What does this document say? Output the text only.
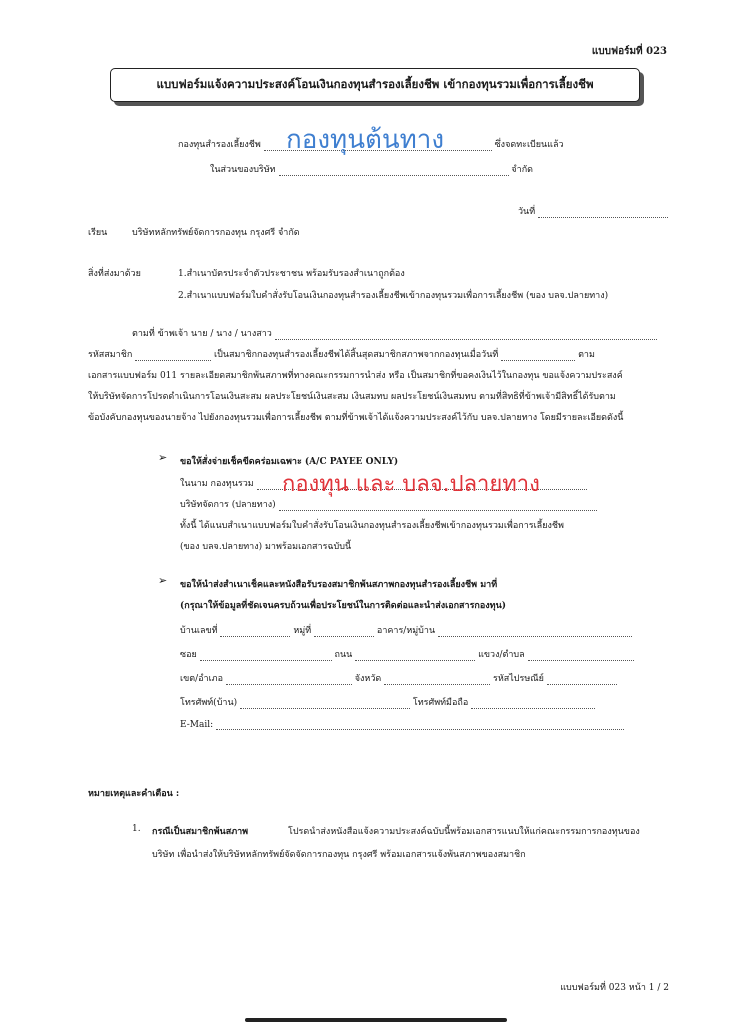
แบบฟอร์มที่ 023
แบบฟอร์มแจ้งความประสงค์โอนเงินกองทุนสำรองเลี้ยงชีพ เข้ากองทุนรวมเพื่อการเลี้ยงชีพ
กองทุนสำรองเลี้ยงชีพ	ซึ่งจดทะเบียนแล้ว
กองทุนต้นทาง
ในส่วนของบริษัท	จำกัด
วันที่
เรียน	บริษัทหลักทรัพย์จัดการกองทุน กรุงศรี จำกัด
สิ่งที่ส่งมาด้วย	1.สำเนาบัตรประจำตัวประชาชน พร้อมรับรองสำเนาถูกต้อง
2.สำเนาแบบฟอร์มใบคำสั่งรับโอนเงินกองทุนสำรองเลี้ยงชีพเข้ากองทุนรวมเพื่อการเลี้ยงชีพ (ของ บลจ.ปลายทาง)
ตามที่ ข้าพเจ้า นาย / นาง / นางสาว
รหัสสมาชิก	เป็นสมาชิกกองทุนสำรองเลี้ยงชีพได้สิ้นสุดสมาชิกสภาพจากกองทุนเมื่อวันที่	ตาม
เอกสารแบบฟอร์ม 011 รายละเอียดสมาชิกพ้นสภาพที่ทางคณะกรรมการนำส่ง หรือ เป็นสมาชิกที่ขอคงเงินไว้ในกองทุน ขอแจ้งความประสงค์
ให้บริษัทจัดการโปรดดำเนินการโอนเงินสะสม ผลประโยชน์เงินสะสม เงินสมทบ ผลประโยชน์เงินสมทบ ตามที่สิทธิที่ข้าพเจ้ามีสิทธิ์ได้รับตาม
ข้อบังคับกองทุนของนายจ้าง ไปยังกองทุนรวมเพื่อการเลี้ยงชีพ ตามที่ข้าพเจ้าได้แจ้งความประสงค์ไว้กับ บลจ.ปลายทาง โดยมีรายละเอียดดังนี้
➢ ขอให้สั่งจ่ายเช็คขีดคร่อมเฉพาะ (A/C PAYEE ONLY)
ในนาม กองทุนรวม
บริษัทจัดการ (ปลายทาง)
กองทุน และ บลจ.ปลายทาง
ทั้งนี้ ได้แนบสำเนาแบบฟอร์มใบคำสั่งรับโอนเงินกองทุนสำรองเลี้ยงชีพเข้ากองทุนรวมเพื่อการเลี้ยงชีพ
(ของ บลจ.ปลายทาง) มาพร้อมเอกสารฉบับนี้
➢ ขอให้นำส่งสำเนาเช็คและหนังสือรับรองสมาชิกพ้นสภาพกองทุนสำรองเลี้ยงชีพ มาที่
(กรุณาให้ข้อมูลที่ชัดเจนครบถ้วนเพื่อประโยชน์ในการติดต่อและนำส่งเอกสารกองทุน)
บ้านเลขที่	หมู่ที่	อาคาร/หมู่บ้าน
ซอย	ถนน	แขวง/ตำบล
เขต/อำเภอ	จังหวัด	รหัสไปรษณีย์
โทรศัพท์(บ้าน)	โทรศัพท์มือถือ
E-Mail:
หมายเหตุและคำเตือน :
1. กรณีเป็นสมาชิกพ้นสภาพ	โปรดนำส่งหนังสือแจ้งความประสงค์ฉบับนี้พร้อมเอกสารแนบให้แก่คณะกรรมการกองทุนของ
บริษัท เพื่อนำส่งให้บริษัทหลักทรัพย์จัดจัดการกองทุน กรุงศรี พร้อมเอกสารแจ้งพ้นสภาพของสมาชิก
แบบฟอร์มที่ 023 หน้า 1 / 2
